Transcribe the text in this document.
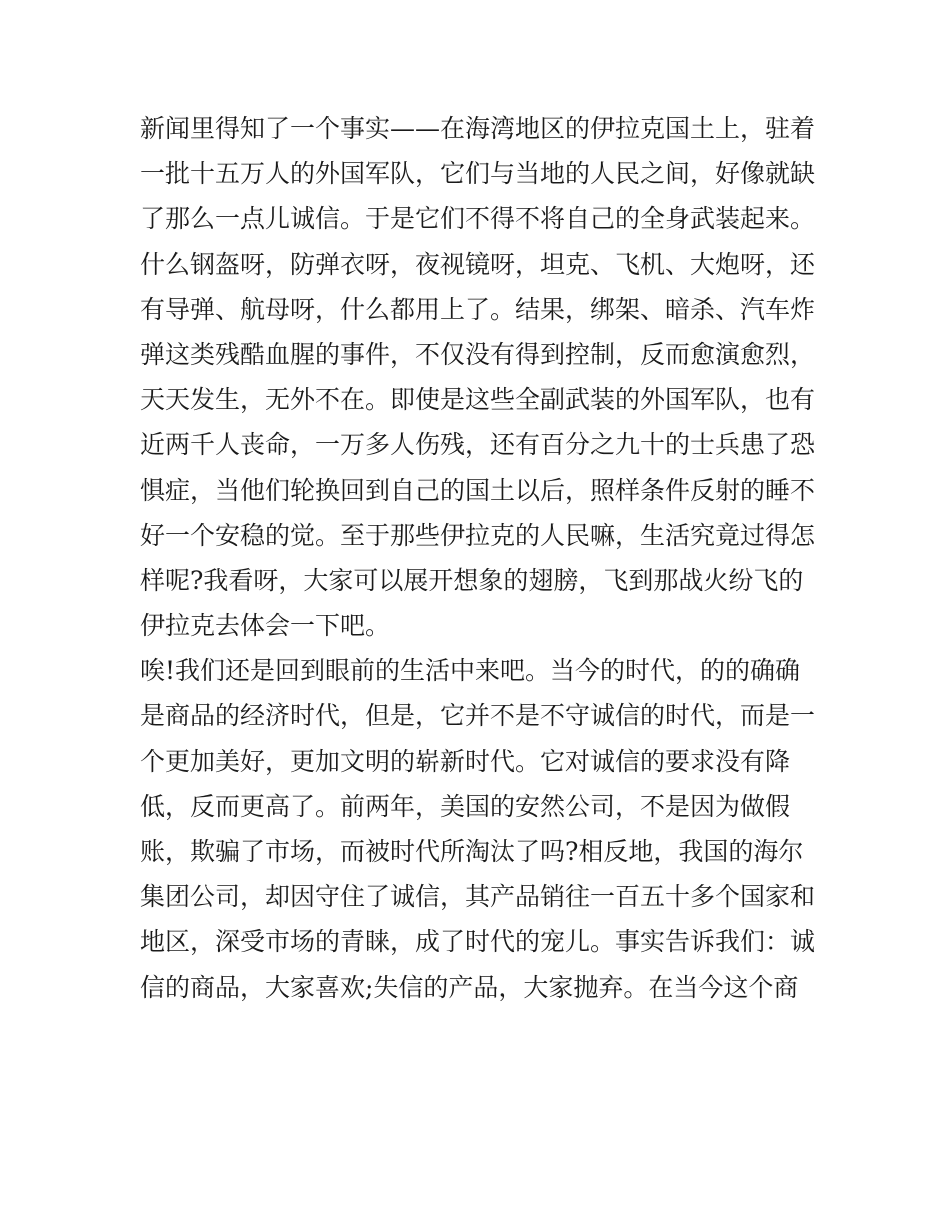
新闻里得知了一个事实——在海湾地区的伊拉克国土上，驻着
一批十五万人的外国军队，它们与当地的人民之间，好像就缺
了那么一点儿诚信。于是它们不得不将自己的全身武装起来。
什么钢盔呀，防弹衣呀，夜视镜呀，坦克、飞机、大炮呀，还
有导弹、航母呀，什么都用上了。结果，绑架、暗杀、汽车炸
弹这类残酷血腥的事件，不仅没有得到控制，反而愈演愈烈，
天天发生，无外不在。即使是这些全副武装的外国军队，也有
近两千人丧命，一万多人伤残，还有百分之九十的士兵患了恐
惧症，当他们轮换回到自己的国土以后，照样条件反射的睡不
好一个安稳的觉。至于那些伊拉克的人民嘛，生活究竟过得怎
样呢?我看呀，大家可以展开想象的翅膀，飞到那战火纷飞的
伊拉克去体会一下吧。
唉!我们还是回到眼前的生活中来吧。当今的时代，的的确确
是商品的经济时代，但是，它并不是不守诚信的时代，而是一
个更加美好，更加文明的崭新时代。它对诚信的要求没有降
低，反而更高了。前两年，美国的安然公司，不是因为做假
账，欺骗了市场，而被时代所淘汰了吗?相反地，我国的海尔
集团公司，却因守住了诚信，其产品销往一百五十多个国家和
地区，深受市场的青睐，成了时代的宠儿。事实告诉我们：诚
信的商品，大家喜欢;失信的产品，大家抛弃。在当今这个商
